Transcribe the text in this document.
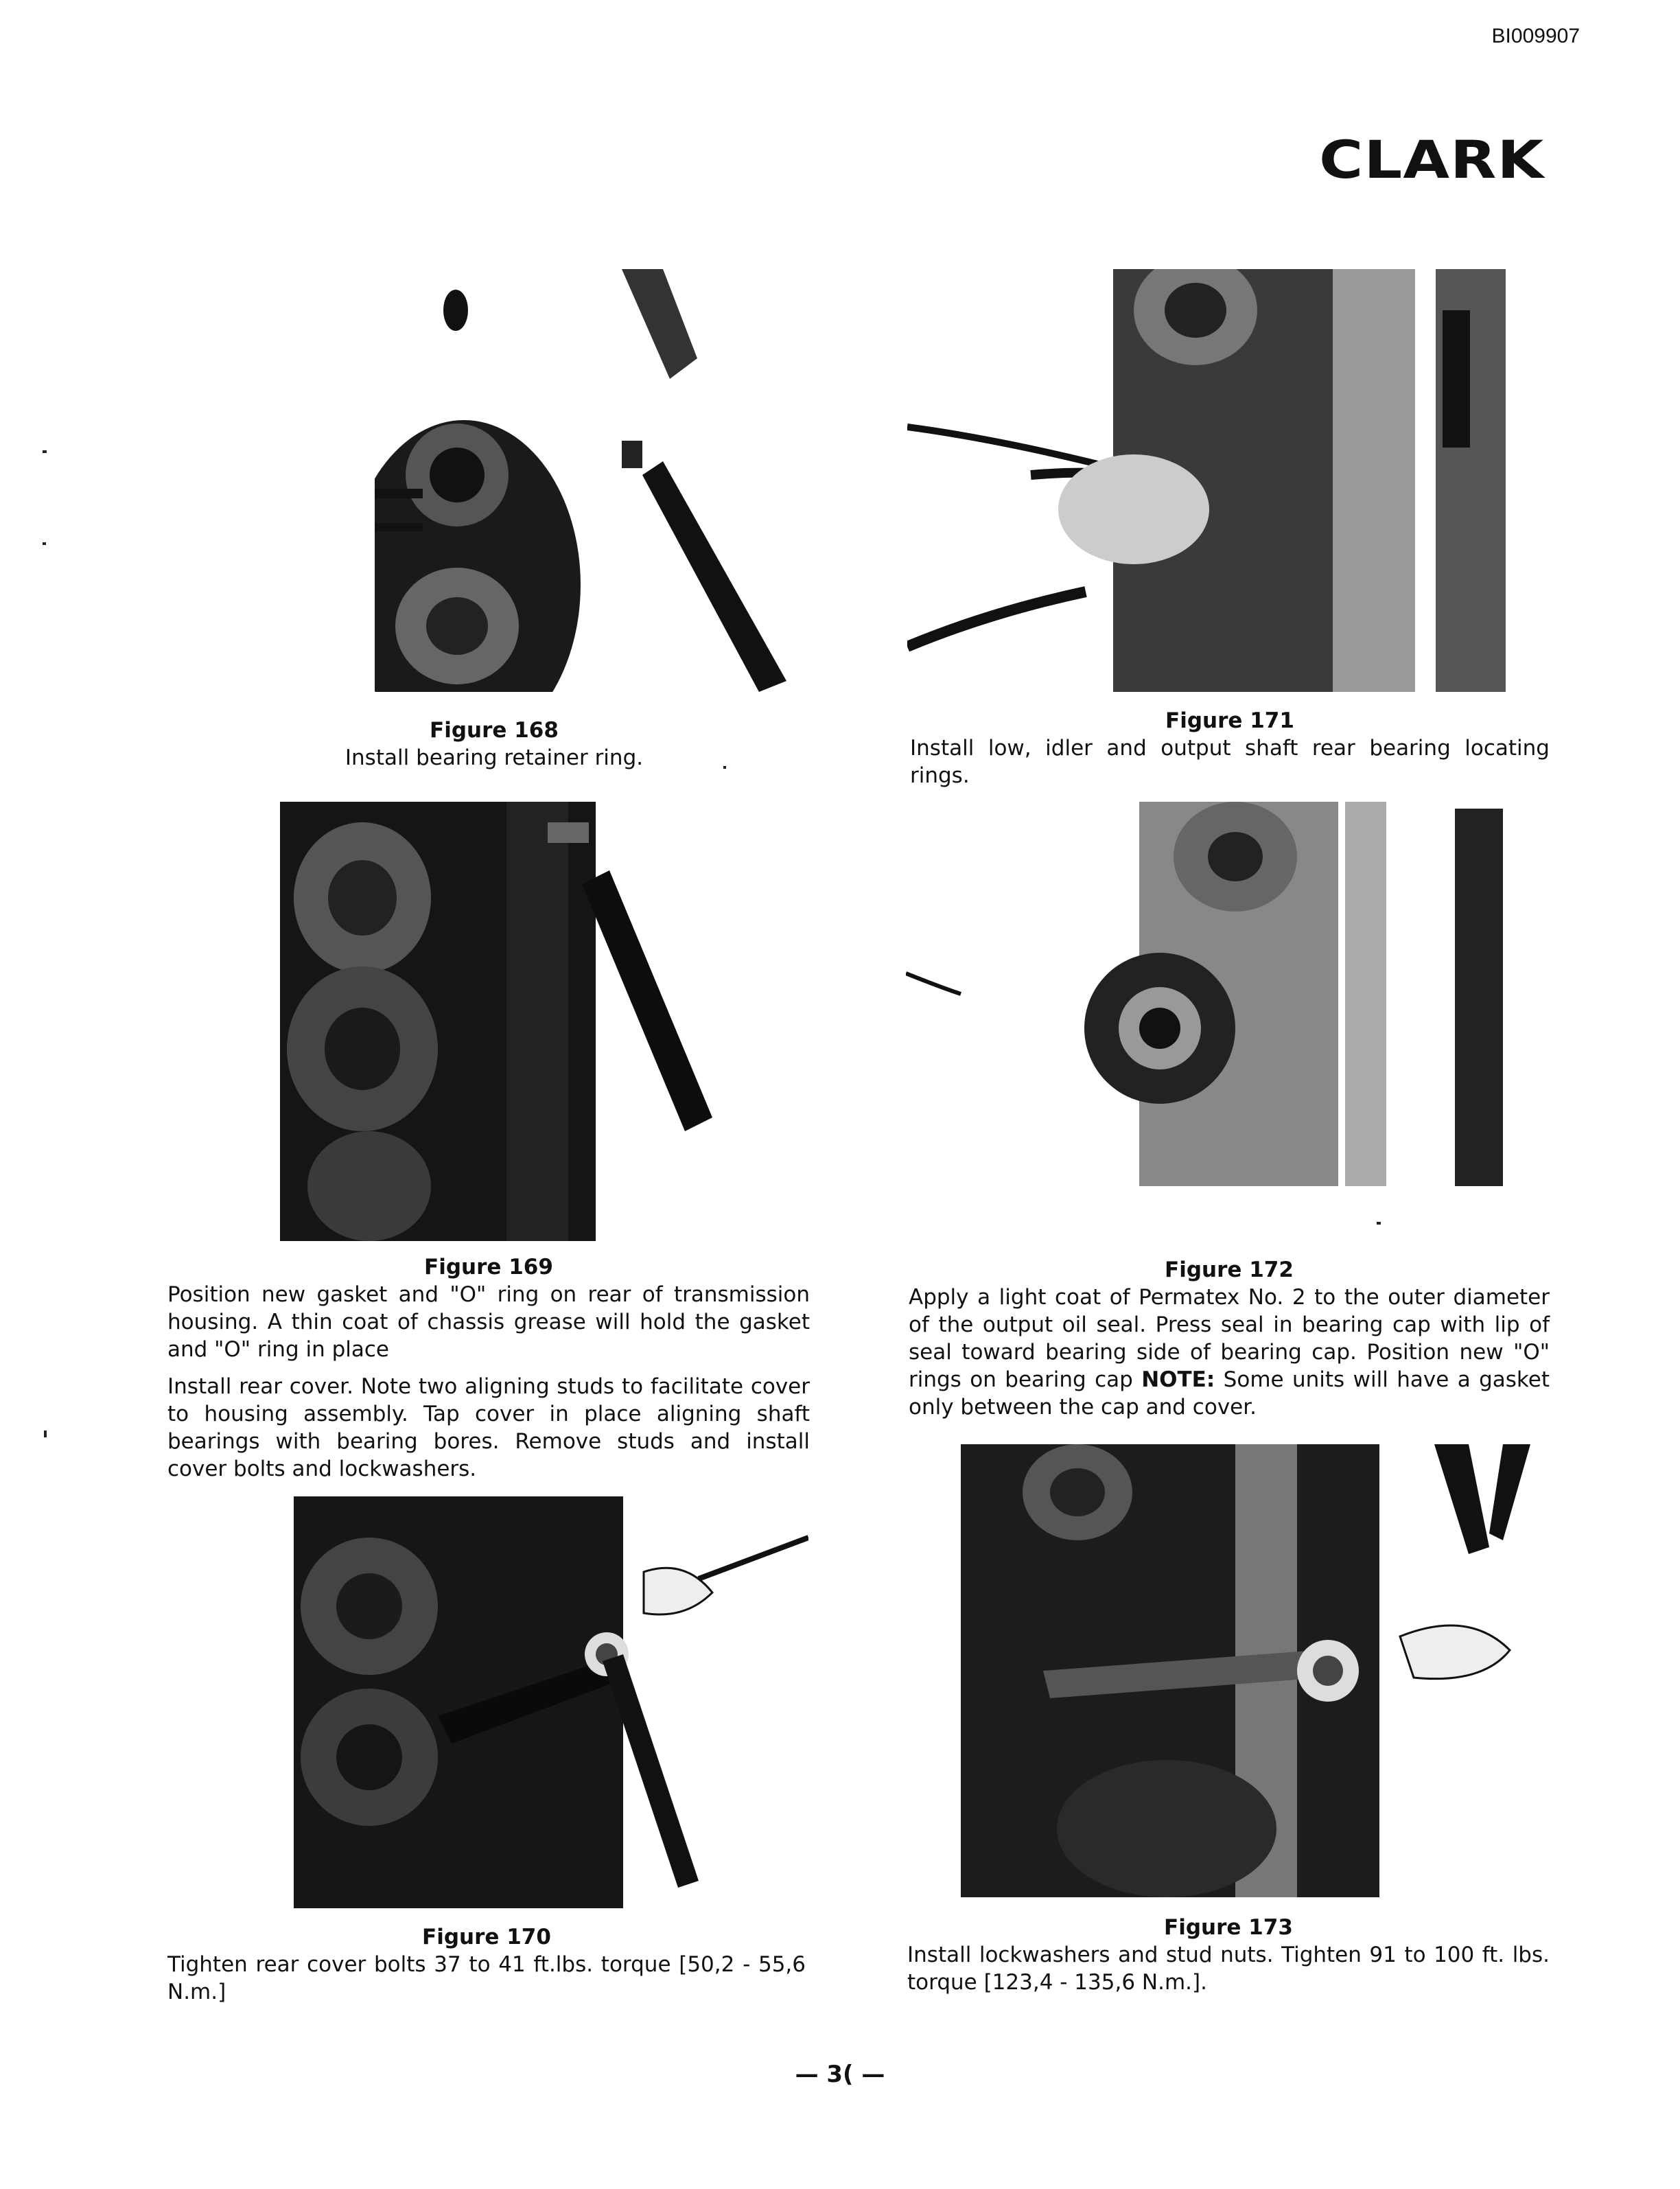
BI009907
CLARK
Figure 168

Install bearing retainer ring.

Figure 171

Install low, idler and output shaft rear bearing locating rings.

Figure 169

Position new gasket and "O" ring on rear of transmission housing. A thin coat of chassis grease will hold the gasket and "O" ring in place

Install rear cover. Note two aligning studs to facilitate cover to housing assembly. Tap cover in place aligning shaft bearings with bearing bores. Remove studs and install cover bolts and lockwashers.

Figure 172

Apply a light coat of Permatex No. 2 to the outer diameter of the output oil seal. Press seal in bearing cap with lip of seal toward bearing side of bearing cap. Position new "O" rings on bearing cap NOTE: Some units will have a gasket only between the cap and cover.

Figure 170

Tighten rear cover bolts 37 to 41 ft.lbs. torque [50,2 - 55,6 N.m.]

Figure 173

Install lockwashers and stud nuts. Tighten 91 to 100 ft. lbs. torque [123,4 - 135,6 N.m.].

— 3( —
